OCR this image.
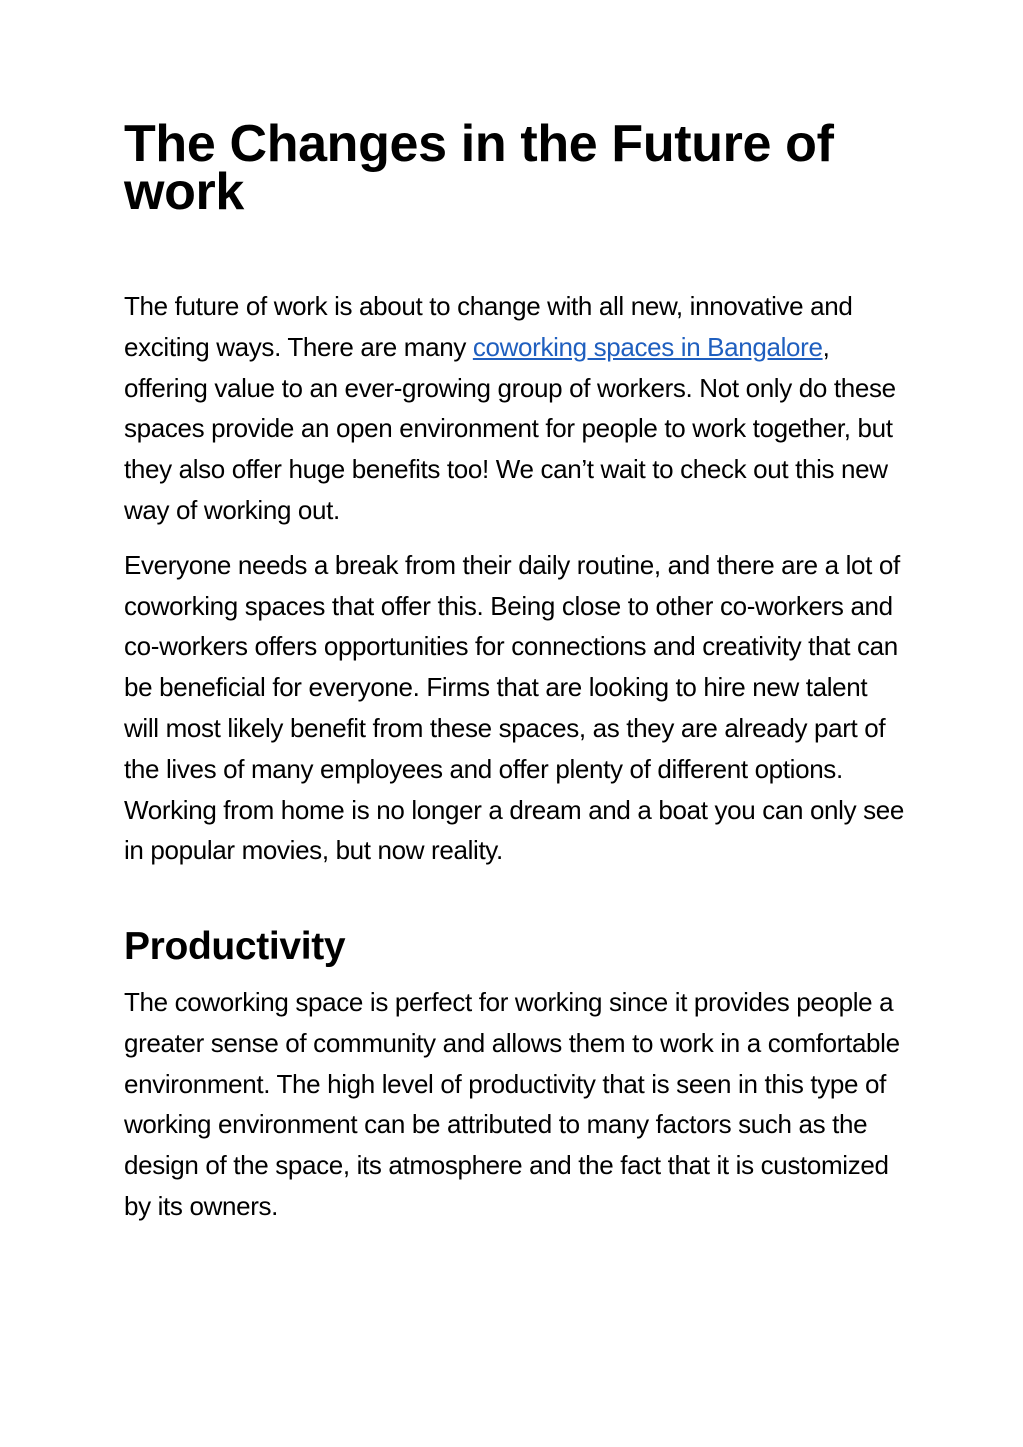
The Changes in the Future of work

The future of work is about to change with all new, innovative and exciting ways. There are many coworking spaces in Bangalore, offering value to an ever-growing group of workers. Not only do these spaces provide an open environment for people to work together, but they also offer huge benefits too! We can’t wait to check out this new way of working out.

Everyone needs a break from their daily routine, and there are a lot of coworking spaces that offer this. Being close to other co-workers and co-workers offers opportunities for connections and creativity that can be beneficial for everyone. Firms that are looking to hire new talent will most likely benefit from these spaces, as they are already part of the lives of many employees and offer plenty of different options. Working from home is no longer a dream and a boat you can only see in popular movies, but now reality.

Productivity

The coworking space is perfect for working since it provides people a greater sense of community and allows them to work in a comfortable environment. The high level of productivity that is seen in this type of working environment can be attributed to many factors such as the design of the space, its atmosphere and the fact that it is customized by its owners.
